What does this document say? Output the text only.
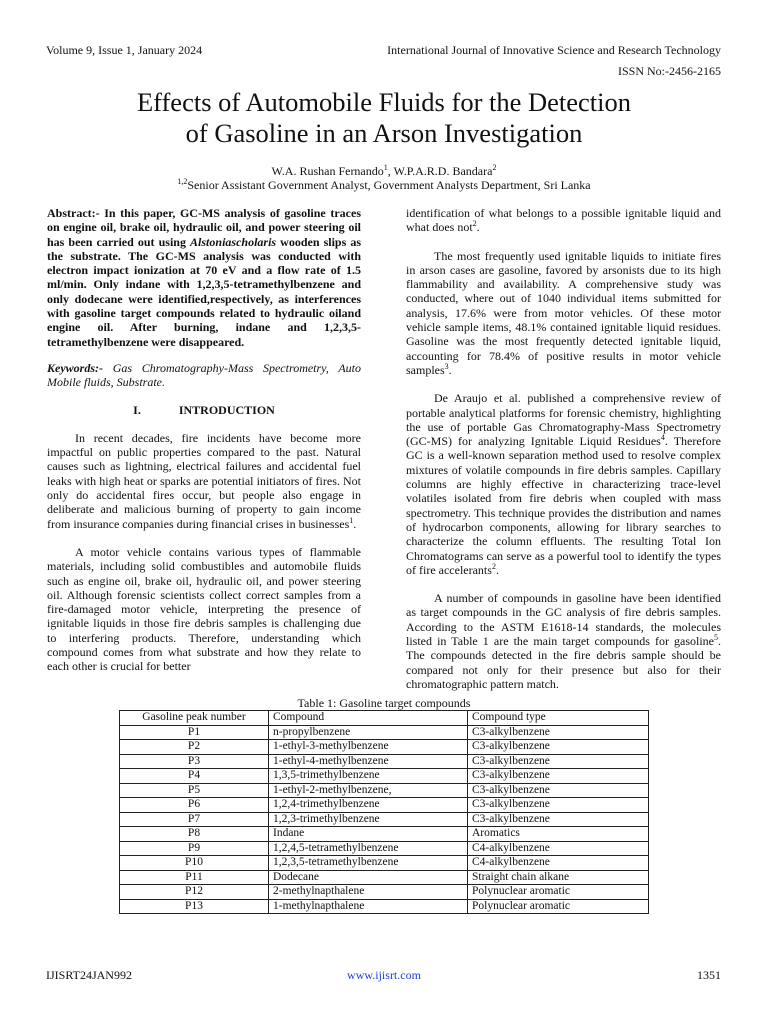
Volume 9, Issue 1, January 2024	International Journal of Innovative Science and Research Technology
ISSN No:-2456-2165
Effects of Automobile Fluids for the Detection
of Gasoline in an Arson Investigation
W.A. Rushan Fernando$^1$, W.P.A.R.D. Bandara$^2$
$^{1,2}$Senior Assistant Government Analyst, Government Analysts Department, Sri Lanka

Abstract:- In this paper, GC-MS analysis of gasoline traces on engine oil, brake oil, hydraulic oil, and power steering oil has been carried out using Alstoniascholaris wooden slips as the substrate. The GC-MS analysis was conducted with electron impact ionization at 70 eV and a flow rate of 1.5 ml/min. Only indane with 1,2,3,5-tetramethylbenzene and only dodecane were identified,respectively, as interferences with gasoline target compounds related to hydraulic oiland engine oil. After burning, indane and 1,2,3,5-tetramethylbenzene were disappeared.

Keywords:- Gas Chromatography-Mass Spectrometry, Auto Mobile fluids, Substrate.

I.	INTRODUCTION

In recent decades, fire incidents have become more impactful on public properties compared to the past. Natural causes such as lightning, electrical failures and accidental fuel leaks with high heat or sparks are potential initiators of fires. Not only do accidental fires occur, but people also engage in deliberate and malicious burning of property to gain income from insurance companies during financial crises in businesses$^1$.

A motor vehicle contains various types of flammable materials, including solid combustibles and automobile fluids such as engine oil, brake oil, hydraulic oil, and power steering oil. Although forensic scientists collect correct samples from a fire-damaged motor vehicle, interpreting the presence of ignitable liquids in those fire debris samples is challenging due to interfering products. Therefore, understanding which compound comes from what substrate and how they relate to each other is crucial for better

identification of what belongs to a possible ignitable liquid and what does not$^2$.

The most frequently used ignitable liquids to initiate fires in arson cases are gasoline, favored by arsonists due to its high flammability and availability. A comprehensive study was conducted, where out of 1040 individual items submitted for analysis, 17.6% were from motor vehicles. Of these motor vehicle sample items, 48.1% contained ignitable liquid residues. Gasoline was the most frequently detected ignitable liquid, accounting for 78.4% of positive results in motor vehicle samples$^3$.

De Araujo et al. published a comprehensive review of portable analytical platforms for forensic chemistry, highlighting the use of portable Gas Chromatography-Mass Spectrometry (GC-MS) for analyzing Ignitable Liquid Residues$^4$. Therefore GC is a well-known separation method used to resolve complex mixtures of volatile compounds in fire debris samples. Capillary columns are highly effective in characterizing trace-level volatiles isolated from fire debris when coupled with mass spectrometry. This technique provides the distribution and names of hydrocarbon components, allowing for library searches to characterize the column effluents. The resulting Total Ion Chromatograms can serve as a powerful tool to identify the types of fire accelerants$^2$.

A number of compounds in gasoline have been identified as target compounds in the GC analysis of fire debris samples. According to the ASTM E1618-14 standards, the molecules listed in Table 1 are the main target compounds for gasoline$^5$. The compounds detected in the fire debris sample should be compared not only for their presence but also for their chromatographic pattern match.

Table 1: Gasoline target compounds
Gasoline peak number	Compound	Compound type
P1	n-propylbenzene	C3-alkylbenzene
P2	1-ethyl-3-methylbenzene	C3-alkylbenzene
P3	1-ethyl-4-methylbenzene	C3-alkylbenzene
P4	1,3,5-trimethylbenzene	C3-alkylbenzene
P5	1-ethyl-2-methylbenzene,	C3-alkylbenzene
P6	1,2,4-trimethylbenzene	C3-alkylbenzene
P7	1,2,3-trimethylbenzene	C3-alkylbenzene
P8	Indane	Aromatics
P9	1,2,4,5-tetramethylbenzene	C4-alkylbenzene
P10	1,2,3,5-tetramethylbenzene	C4-alkylbenzene
P11	Dodecane	Straight chain alkane
P12	2-methylnapthalene	Polynuclear aromatic
P13	1-methylnapthalene	Polynuclear aromatic
IJISRT24JAN992	www.ijisrt.com	1351
